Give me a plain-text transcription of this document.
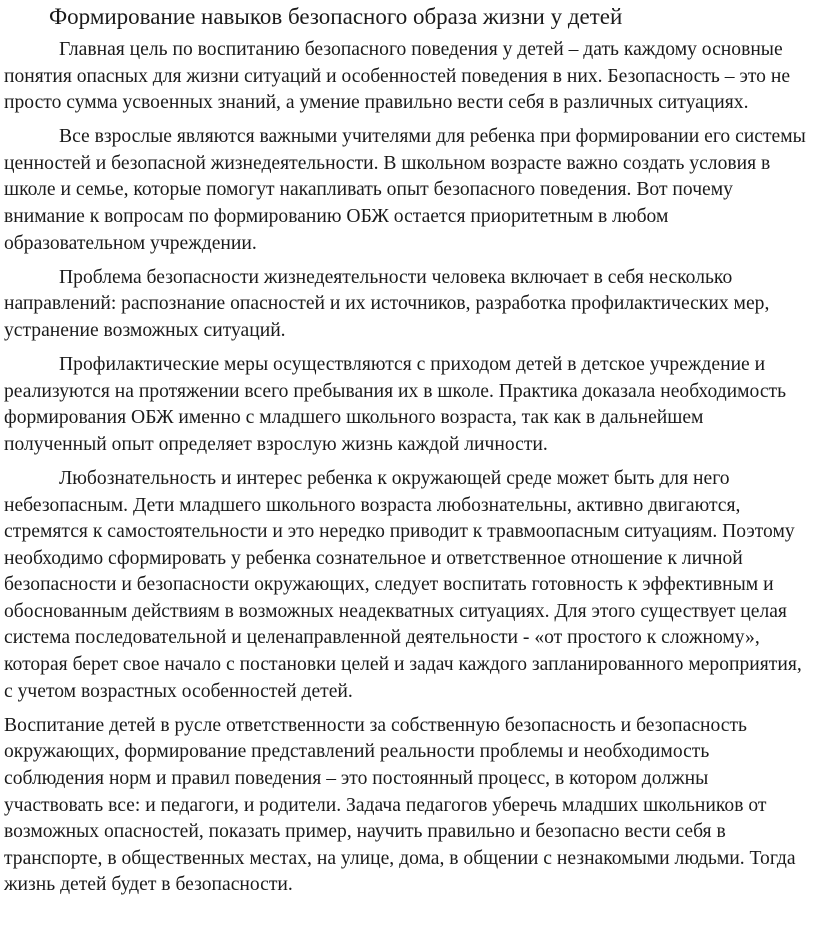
Формирование навыков безопасного образа жизни у детей

Главная цель по воспитанию безопасного поведения у детей – дать каждому основные понятия опасных для жизни ситуаций и особенностей поведения в них. Безопасность – это не просто сумма усвоенных знаний, а умение правильно вести себя в различных ситуациях.

Все взрослые являются важными учителями для ребенка при формировании его системы ценностей и безопасной жизнедеятельности. В школьном возрасте важно создать условия в школе и семье, которые помогут накапливать опыт безопасного поведения. Вот почему внимание к вопросам по формированию ОБЖ остается приоритетным в любом образовательном учреждении.

Проблема безопасности жизнедеятельности человека включает в себя несколько направлений: распознание опасностей и их источников, разработка профилактических мер, устранение возможных ситуаций.

Профилактические меры осуществляются с приходом детей в детское учреждение и реализуются на протяжении всего пребывания их в школе. Практика доказала необходимость формирования ОБЖ именно с младшего школьного возраста, так как в дальнейшем полученный опыт определяет взрослую жизнь каждой личности.

Любознательность и интерес ребенка к окружающей среде может быть для него небезопасным. Дети младшего школьного возраста любознательны, активно двигаются, стремятся к самостоятельности и это нередко приводит к травмоопасным ситуациям. Поэтому необходимо сформировать у ребенка сознательное и ответственное отношение к личной безопасности и безопасности окружающих, следует воспитать готовность к эффективным и обоснованным действиям в возможных неадекватных ситуациях. Для этого существует целая система последовательной и целенаправленной деятельности - «от простого к сложному», которая берет свое начало с постановки целей и задач каждого запланированного мероприятия, с учетом возрастных особенностей детей.

Воспитание детей в русле ответственности за собственную безопасность и безопасность окружающих, формирование представлений реальности проблемы и необходимость соблюдения норм и правил поведения – это постоянный процесс, в котором должны участвовать все: и педагоги, и родители. Задача педагогов уберечь младших школьников от возможных опасностей, показать пример, научить правильно и безопасно вести себя в транспорте, в общественных местах, на улице, дома, в общении с незнакомыми людьми. Тогда жизнь детей будет в безопасности.
